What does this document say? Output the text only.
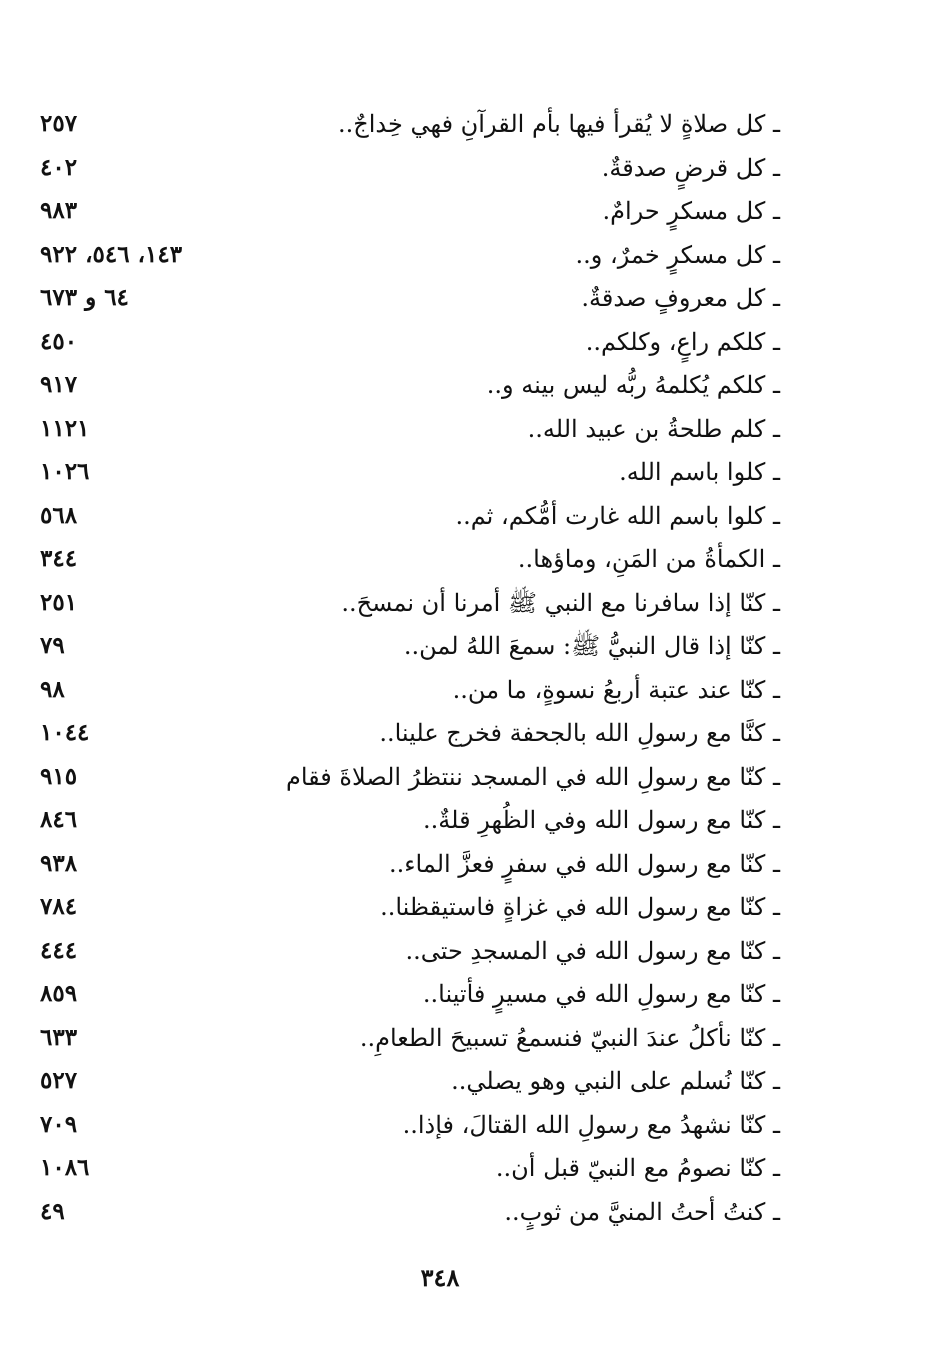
ـ كل صلاةٍ لا يُقرأ فيها بأم القرآنِ فهي خِداجٌ..
٢٥٧
ـ كل قرضٍ صدقةٌ.
٤٠٢
ـ كل مسكرٍ حرامٌ.
٩٨٣
ـ كل مسكرٍ خمرٌ، و..
١٤٣، ٥٤٦، ٩٢٢
ـ كل معروفٍ صدقةٌ.
٦٤ و ٦٧٣
ـ كلكم راعٍ، وكلكم..
٤٥٠
ـ كلكم يُكلمهُ ربُّه ليس بينه و..
٩١٧
ـ كلم طلحةُ بن عبيد الله..
١١٢١
ـ كلوا باسم الله.
١٠٢٦
ـ كلوا باسم الله غارت أمُّكم، ثم..
٥٦٨
ـ الكمأةُ من المَنِ، وماؤها..
٣٤٤
ـ كنّا إذا سافرنا مع النبي ﷺ أمرنا أن نمسحَ..
٢٥١
ـ كنّا إذا قال النبيُّ ﷺ: سمعَ اللهُ لمن..
٧٩
ـ كنّا عند عتبة أربعُ نسوةٍ، ما من..
٩٨
ـ كنَّا مع رسولِ الله بالجحفة فخرج علينا..
١٠٤٤
ـ كنّا مع رسولِ الله في المسجد ننتظرُ الصلاةَ فقام
٩١٥
ـ كنّا مع رسول الله وفي الظُهرِ قلةٌ..
٨٤٦
ـ كنّا مع رسول الله في سفرٍ فعزَّ الماء..
٩٣٨
ـ كنّا مع رسول الله في غزاةٍ فاستيقظنا..
٧٨٤
ـ كنّا مع رسول الله في المسجدِ حتى..
٤٤٤
ـ كنّا مع رسولِ الله في مسيرٍ فأتينا..
٨٥٩
ـ كنّا نأكلُ عندَ النبيّ فنسمعُ تسبيحَ الطعامِ..
٦٣٣
ـ كنّا نُسلم على النبي وهو يصلي..
٥٢٧
ـ كنّا نشهدُ مع رسولِ الله القتالَ، فإذا..
٧٠٩
ـ كنّا نصومُ مع النبيّ قبل أن..
١٠٨٦
ـ كنتُ أحتُ المنيَّ من ثوبٍ..
٤٩
٣٤٨
